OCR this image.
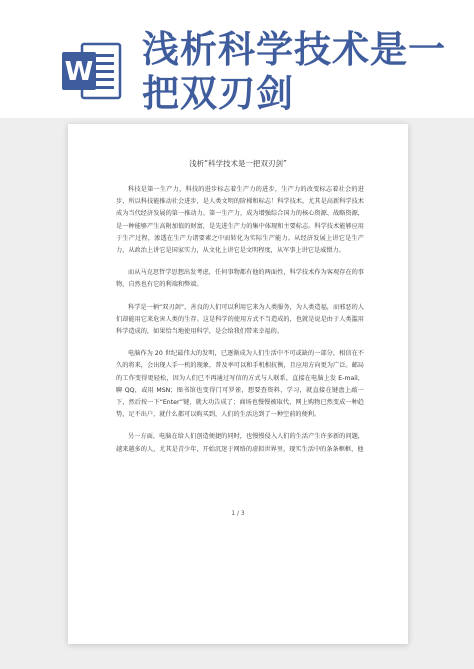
W
浅析科学技术是一
把双刃剑
浅析“科学技术是一把双刃剑”

科技是第一生产力，科技的进步标志着生产力的进步，生产力的改变标志着社会的进步，所以科技能推动社会进步，是人类文明的阶梯和标志！科学技术，尤其是高新科学技术成为当代经济发展的第一推动力、第一生产力，成为增强综合国力的核心资源、战略资源，是一种能够产生高附加值的财富，是先进生产力的集中体现和主要标志。科学技术能够应用于生产过程，渗透在生产力诸要素之中而转化为实际生产能力。从经济发展上讲它是生产力，从政治上讲它是国家实力，从文化上讲它是文明程度，从军事上讲它是威慑力。

而从马克思哲学思想出发考虑，任何事物都有他的两面性，科学技术作为客观存在的事物，自然也有它的利端和弊端。

科学是一柄“双刃剑”，善良的人们可以利用它来为人类服务，为人类造福，而邪恶的人们却能用它来危害人类的生存。这是科学的使用方式不当造成的，也就是说是由于人类滥用科学造成的，如果恰当地使用科学，是会给我们带来幸福的。

电脑作为 20 世纪最伟大的发明，已逐渐成为人们生活中不可或缺的一部分，相信在不久的将来，会出现人手一机的现象，普及率可以和手机相抗衡，且应用方向更为广泛。邮局的工作变得更轻松，因为人们已不再通过写信的方式与人联系，直接在电脑上发 E-mail，聊 QQ，或用 MSN；图书馆也变得门可罗雀，想要查资料，学习，就直接在键盘上敲一下，然后按一下“Enter”键，就大功告成了；商场也慢慢被取代，网上购物已然变成一种趋势，足不出户，就什么都可以购买到，人们的生活达到了一种空前的便利。

另一方面，电脑在给人们创造便捷的同时，也慢慢侵入人们的生活产生许多新的问题，越来越多的人，尤其是青少年，开始沉迷于网络的虚拟世界里，现实生活中的条条框框，他

1 / 3
